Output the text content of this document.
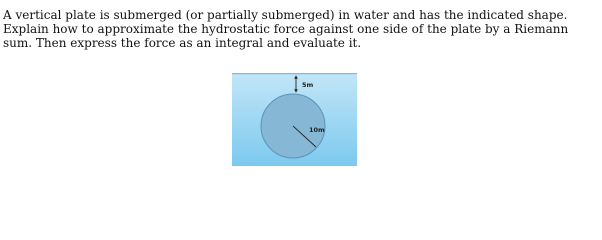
A vertical plate is submerged (or partially submerged) in water and has the indicated shape. Explain how to approximate the hydrostatic force against one side of the plate by a Riemann sum. Then express the force as an integral and evaluate it.

5m
10m
